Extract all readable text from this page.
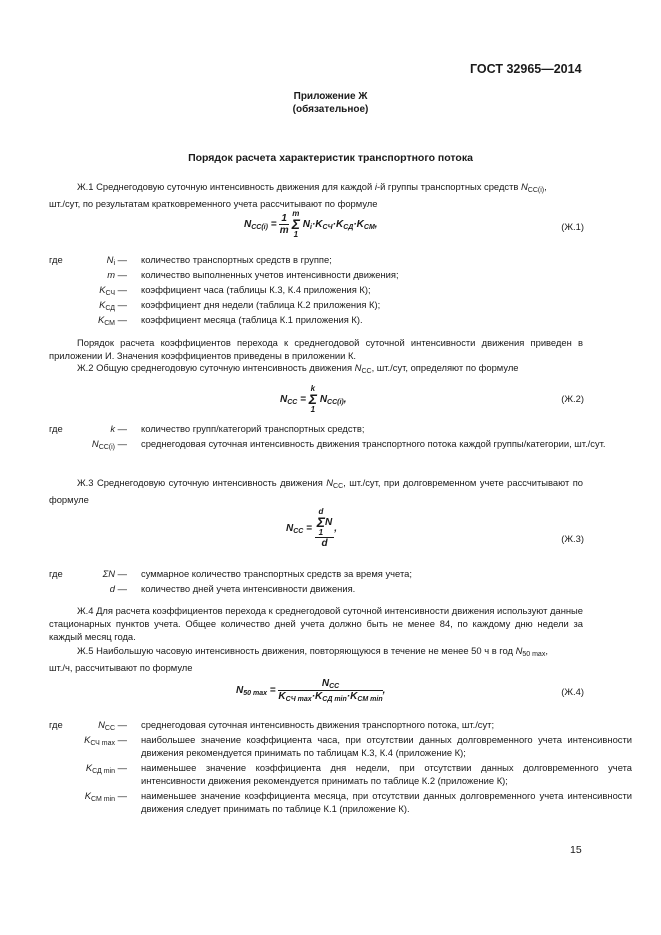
ГОСТ 32965—2014
Приложение Ж
(обязательное)
Порядок расчета характеристик транспортного потока
Ж.1 Среднегодовую суточную интенсивность движения для каждой i-й группы транспортных средств $N_{CC(i)}$,
шт./сут, по результатам кратковременного учета рассчитывают по формуле
$N_{CC(i)} = \frac{1}{m}$ m
Σ
1 $N_i\cdot K_{СЧ}\cdot K_{СД}\cdot K_{СМ}$,	(Ж.1)
где	$N_i$ — количество транспортных средств в группе;
m — количество выполненных учетов интенсивности движения;
$K_{СЧ}$ — коэффициент часа (таблицы К.3, К.4 приложения К);
$K_{СД}$ — коэффициент дня недели (таблица К.2 приложения К);
$K_{СМ}$ — коэффициент месяца (таблица К.1 приложения К).
Порядок расчета коэффициентов перехода к среднегодовой суточной интенсивности движения приведен в приложении И. Значения коэффициентов приведены в приложении К.
Ж.2 Общую среднегодовую суточную интенсивность движения $N_{CC}$, шт./сут, определяют по формуле
$N_{CC} = k$
Σ
1 $N_{CC(i)}$,	(Ж.2)
где	k — количество групп/категорий транспортных средств;
$N_{CC(i)}$ — среднегодовая суточная интенсивность движения транспортного потока каждой группы/категории, шт./сут.
Ж.3 Среднегодовую суточную интенсивность движения $N_{CC}$, шт./сут, при долговременном учете рассчитывают по формуле
$N_{CC} = d$
Σ
1N
d ,
(Ж.3)
где	ΣN — суммарное количество транспортных средств за время учета;
d — количество дней учета интенсивности движения.
Ж.4 Для расчета коэффициентов перехода к среднегодовой суточной интенсивности движения используют данные стационарных пунктов учета. Общее количество дней учета должно быть не менее 84, по каждому дню недели за каждый месяц года.
Ж.5 Наибольшую часовую интенсивность движения, повторяющуюся в течение не менее 50 ч в год $N_{50 max}$,
шт./ч, рассчитывают по формуле
$N_{50 max} = \frac{N_{CC}}{K_{СЧ max}\cdot K_{СД min}\cdot K_{СМ min}}$ ,	(Ж.4)
где	$N_{CC}$ — среднегодовая суточная интенсивность движения транспортного потока, шт./сут;
$K_{СЧ max}$ — наибольшее значение коэффициента часа, при отсутствии данных долговременного учета интенсивности движения рекомендуется принимать по таблицам К.3, К.4 (приложение К);
$K_{СД min}$ — наименьшее значение коэффициента дня недели, при отсутствии данных долговременного учета интенсивности движения рекомендуется принимать по таблице К.2 (приложение К);
$K_{СМ min}$ — наименьшее значение коэффициента месяца, при отсутствии данных долговременного учета интенсивности движения следует принимать по таблице К.1 (приложение К).
15
